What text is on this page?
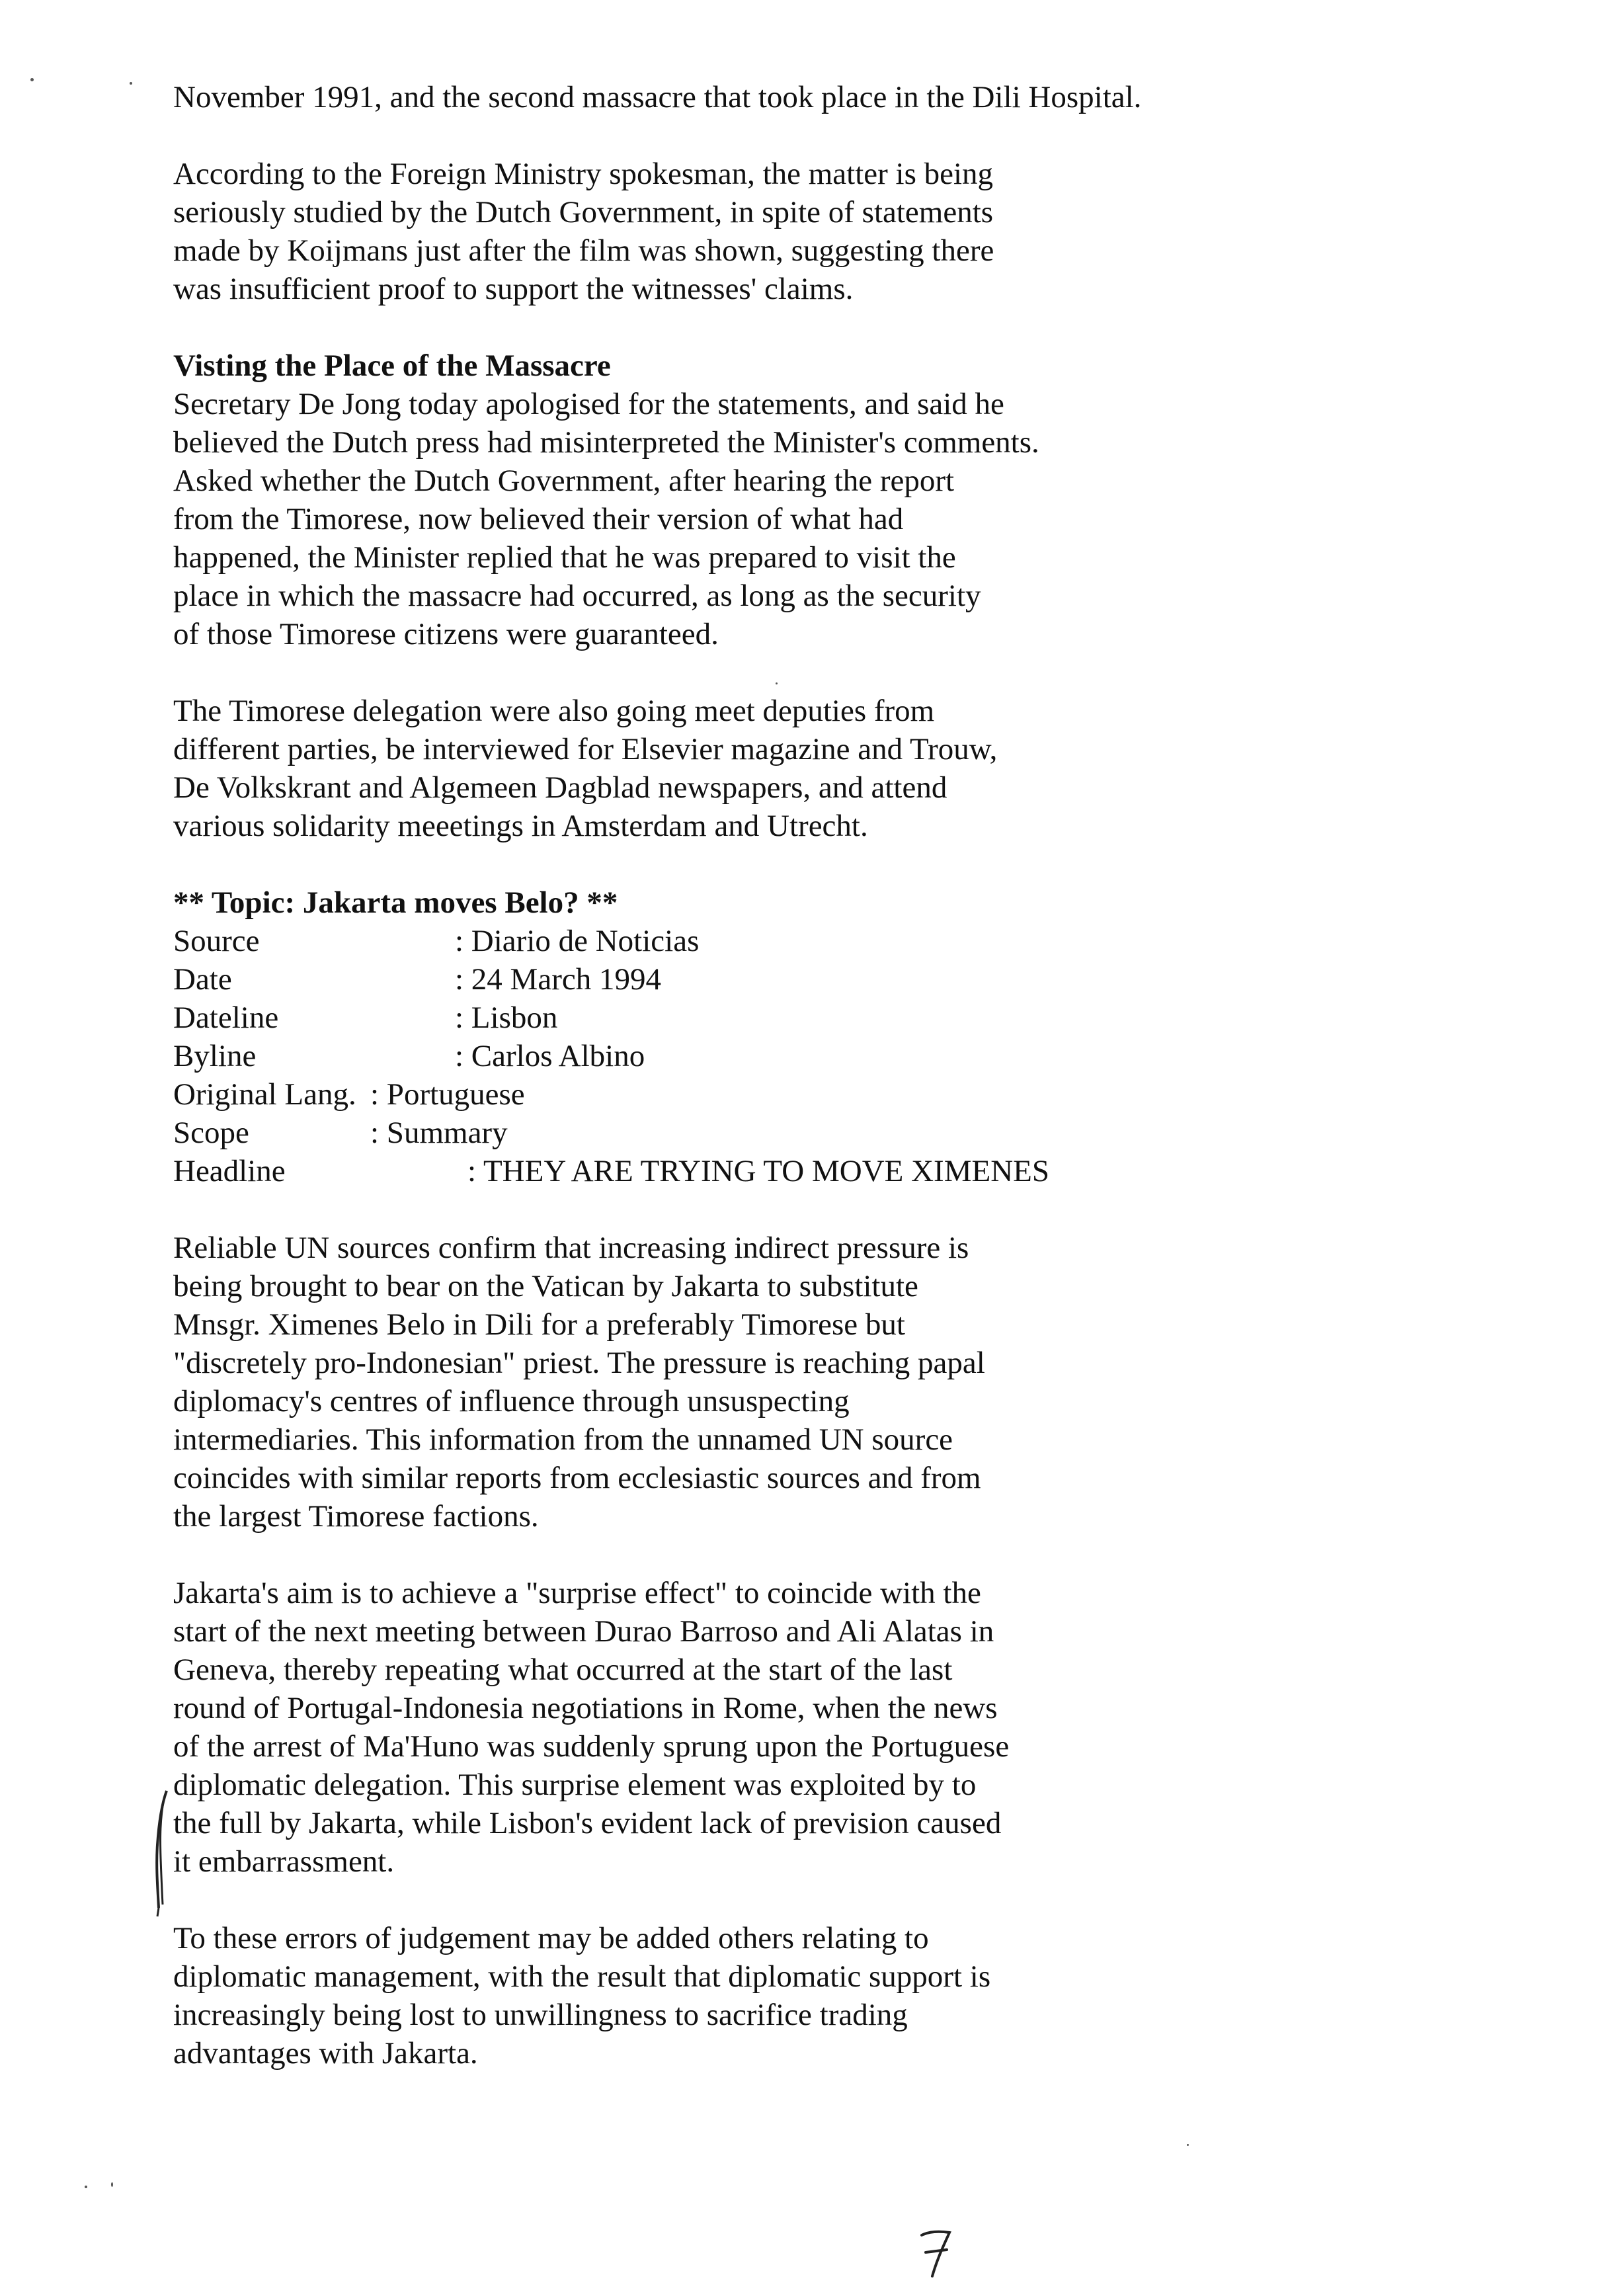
November 1991, and the second massacre that took place in the Dili Hospital.
According to the Foreign Ministry spokesman, the matter is being
seriously studied by the Dutch Government, in spite of statements
made by Koijmans just after the film was shown, suggesting there
was insufficient proof to support the witnesses' claims.
Visting the Place of the Massacre
Secretary De Jong today apologised for the statements, and said he
believed the Dutch press had misinterpreted the Minister's comments.
Asked whether the Dutch Government, after hearing the report
from the Timorese, now believed their version of what had
happened, the Minister replied that he was prepared to visit the
place in which the massacre had occurred, as long as the security
of those Timorese citizens were guaranteed.
The Timorese delegation were also going meet deputies from
different parties, be interviewed for Elsevier magazine and Trouw,
De Volkskrant and Algemeen Dagblad newspapers, and attend
various solidarity meeetings in Amsterdam and Utrecht.
** Topic: Jakarta moves Belo? **
Source	: Diario de Noticias
Date	: 24 March 1994
Dateline	: Lisbon
Byline	: Carlos Albino
Original Lang. : Portuguese
Scope	: Summary
Headline	: THEY ARE TRYING TO MOVE XIMENES
Reliable UN sources confirm that increasing indirect pressure is
being brought to bear on the Vatican by Jakarta to substitute
Mnsgr. Ximenes Belo in Dili for a preferably Timorese but
"discretely pro-Indonesian" priest. The pressure is reaching papal
diplomacy's centres of influence through unsuspecting
intermediaries. This information from the unnamed UN source
coincides with similar reports from ecclesiastic sources and from
the largest Timorese factions.
Jakarta's aim is to achieve a "surprise effect" to coincide with the
start of the next meeting between Durao Barroso and Ali Alatas in
Geneva, thereby repeating what occurred at the start of the last
round of Portugal-Indonesia negotiations in Rome, when the news
of the arrest of Ma'Huno was suddenly sprung upon the Portuguese
diplomatic delegation. This surprise element was exploited by to
the full by Jakarta, while Lisbon's evident lack of prevision caused
it embarrassment.
To these errors of judgement may be added others relating to
diplomatic management, with the result that diplomatic support is
increasingly being lost to unwillingness to sacrifice trading
advantages with Jakarta.
